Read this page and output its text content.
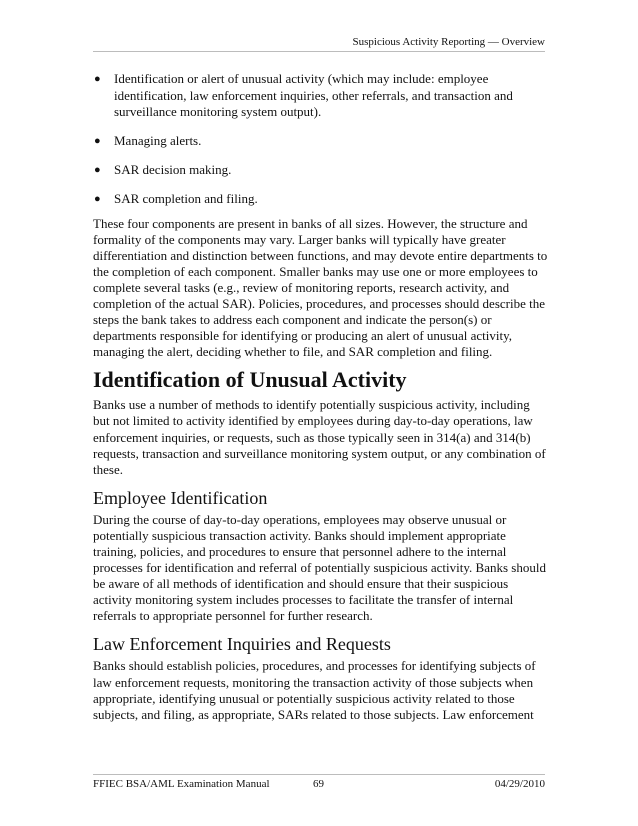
Suspicious Activity Reporting — Overview
● Identification or alert of unusual activity (which may include: employee identification, law enforcement inquiries, other referrals, and transaction and surveillance monitoring system output).
● Managing alerts.
● SAR decision making.
● SAR completion and filing.

These four components are present in banks of all sizes. However, the structure and formality of the components may vary. Larger banks will typically have greater differentiation and distinction between functions, and may devote entire departments to the completion of each component. Smaller banks may use one or more employees to complete several tasks (e.g., review of monitoring reports, research activity, and completion of the actual SAR). Policies, procedures, and processes should describe the steps the bank takes to address each component and indicate the person(s) or departments responsible for identifying or producing an alert of unusual activity, managing the alert, deciding whether to file, and SAR completion and filing.

Identification of Unusual Activity

Banks use a number of methods to identify potentially suspicious activity, including but not limited to activity identified by employees during day-to-day operations, law enforcement inquiries, or requests, such as those typically seen in 314(a) and 314(b) requests, transaction and surveillance monitoring system output, or any combination of these.

Employee Identification

During the course of day-to-day operations, employees may observe unusual or potentially suspicious transaction activity. Banks should implement appropriate training, policies, and procedures to ensure that personnel adhere to the internal processes for identification and referral of potentially suspicious activity. Banks should be aware of all methods of identification and should ensure that their suspicious activity monitoring system includes processes to facilitate the transfer of internal referrals to appropriate personnel for further research.

Law Enforcement Inquiries and Requests

Banks should establish policies, procedures, and processes for identifying subjects of law enforcement requests, monitoring the transaction activity of those subjects when appropriate, identifying unusual or potentially suspicious activity related to those subjects, and filing, as appropriate, SARs related to those subjects. Law enforcement

FFIEC BSA/AML Examination Manual	69	04/29/2010
